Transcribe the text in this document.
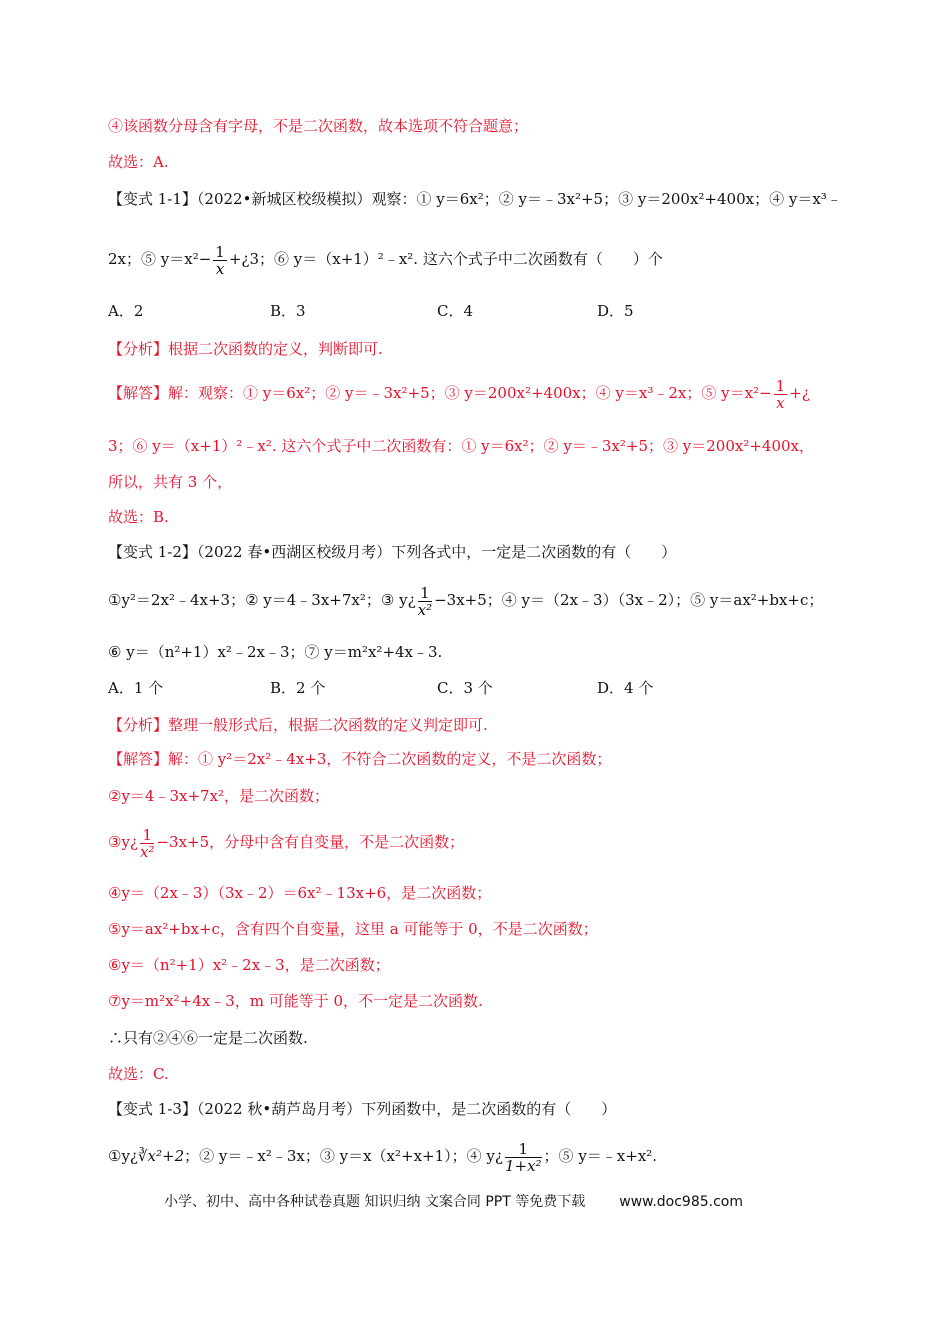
④该函数分母含有字母，不是二次函数，故本选项不符合题意；
故选：A.
【变式 1-1】（2022•新城区校级模拟）观察：① y＝6x²；② y＝﹣3x²+5；③ y＝200x²+400x；④ y＝x³﹣
2x；⑤ $y=x^2- \frac{1}{x}$ +¿3；⑥ y＝（x+1）²﹣x². 这六个式子中二次函数有（　　）个
A．2	B．3	C．4	D．5
【分析】根据二次函数的定义，判断即可.
【解答】解：观察：① y＝6x²；② y＝﹣3x²+5；③ y＝200x²+400x；④ y＝x³﹣2x；⑤ $y=x^2- \frac{1}{x}$ +¿
3；⑥ y＝（x+1）²﹣x². 这六个式子中二次函数有：① y＝6x²；② y＝﹣3x²+5；③ y＝200x²+400x，
所以，共有 3 个，
故选：B.
【变式 1-2】（2022 春•西湖区校级月考）下列各式中，一定是二次函数的有（　　）
①y²＝2x²﹣4x+3；② y＝4﹣3x+7x²；③ y¿ $\frac{1}{\text{x²}} -3x+5$；④ y＝（2x﹣3）（3x﹣2）；⑤ y＝ax²+bx+c；
⑥ y＝（n²+1）x²﹣2x﹣3；⑦ y＝m²x²+4x﹣3.
A．1 个	B．2 个	C．3 个	D．4 个
【分析】整理一般形式后，根据二次函数的定义判定即可.
【解答】解：① y²＝2x²﹣4x+3，不符合二次函数的定义，不是二次函数；
②y＝4﹣3x+7x²，是二次函数；
③y¿ $\frac{1}{\text{x²}} -3x+5$，分母中含有自变量，不是二次函数；
④y＝（2x﹣3）（3x﹣2）＝6x²﹣13x+6，是二次函数；
⑤y＝ax²+bx+c，含有四个自变量，这里 a 可能等于 0，不是二次函数；
⑥y＝（n²+1）x²﹣2x﹣3，是二次函数；
⑦y＝m²x²+4x﹣3，m 可能等于 0，不一定是二次函数.
∴只有②④⑥一定是二次函数.
故选：C.
【变式 1-3】（2022 秋•葫芦岛月考）下列函数中，是二次函数的有（　　）
①y¿∛x²+2；② y＝﹣x²﹣3x；③ y＝x（x²+x+1）；④ y¿ $\frac{1}{\text{1+x²}}$ ；⑤ y＝﹣x+x².
小学、初中、高中各种试卷真题 知识归纳 文案合同 PPT 等免费下载 www.doc985.com
